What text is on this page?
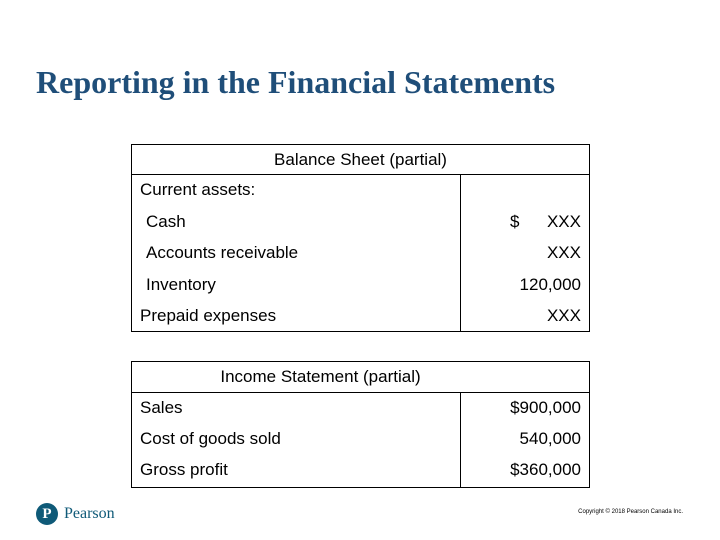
Reporting in the Financial Statements
Balance Sheet (partial)
Current assets:
Cash	$ XXX
Accounts receivable	XXX
Inventory	120,000
Prepaid expenses	XXX
Income Statement (partial)
Sales	$900,000
Cost of goods sold	540,000
Gross profit	$360,000
P Pearson	Copyright © 2018 Pearson Canada Inc.
